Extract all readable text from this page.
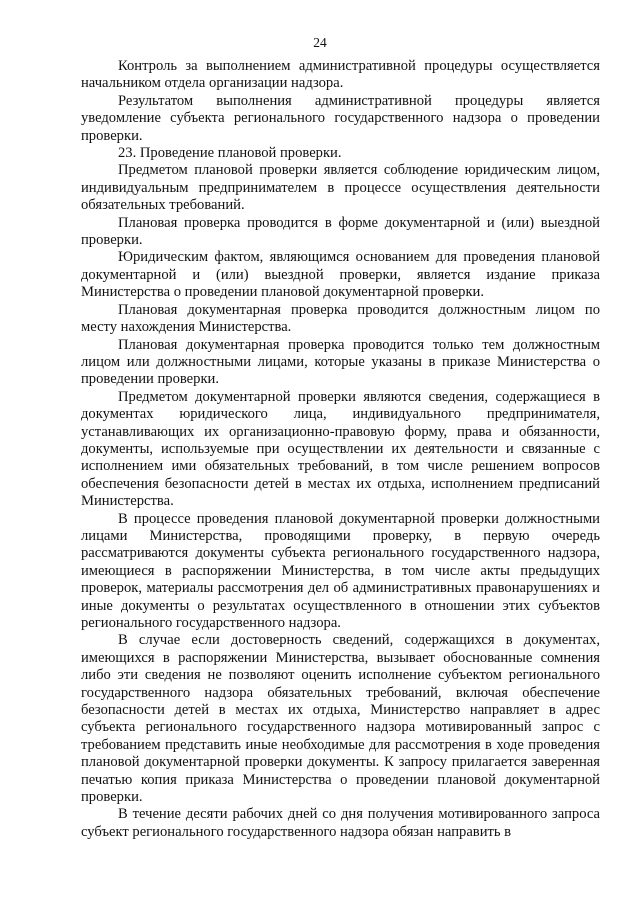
24

Контроль за выполнением административной процедуры осуществляется начальником отдела организации надзора.

Результатом выполнения административной процедуры является уведомление субъекта регионального государственного надзора о проведении проверки.

23. Проведение плановой проверки.

Предметом плановой проверки является соблюдение юридическим лицом, индивидуальным предпринимателем в процессе осуществления деятельности обязательных требований.

Плановая проверка проводится в форме документарной и (или) выездной проверки.

Юридическим фактом, являющимся основанием для проведения плановой документарной и (или) выездной проверки, является издание приказа Министерства о проведении плановой документарной проверки.

Плановая документарная проверка проводится должностным лицом по месту нахождения Министерства.

Плановая документарная проверка проводится только тем должностным лицом или должностными лицами, которые указаны в приказе Министерства о проведении проверки.

Предметом документарной проверки являются сведения, содержащиеся в документах юридического лица, индивидуального предпринимателя, устанавливающих их организационно-правовую форму, права и обязанности, документы, используемые при осуществлении их деятельности и связанные с исполнением ими обязательных требований, в том числе решением вопросов обеспечения безопасности детей в местах их отдыха, исполнением предписаний Министерства.

В процессе проведения плановой документарной проверки должностными лицами Министерства, проводящими проверку, в первую очередь рассматриваются документы субъекта регионального государственного надзора, имеющиеся в распоряжении Министерства, в том числе акты предыдущих проверок, материалы рассмотрения дел об административных правонарушениях и иные документы о результатах осуществленного в отношении этих субъектов регионального государственного надзора.

В случае если достоверность сведений, содержащихся в документах, имеющихся в распоряжении Министерства, вызывает обоснованные сомнения либо эти сведения не позволяют оценить исполнение субъектом регионального государственного надзора обязательных требований, включая обеспечение безопасности детей в местах их отдыха, Министерство направляет в адрес субъекта регионального государственного надзора мотивированный запрос с требованием представить иные необходимые для рассмотрения в ходе проведения плановой документарной проверки документы. К запросу прилагается заверенная печатью копия приказа Министерства о проведении плановой документарной проверки.

В течение десяти рабочих дней со дня получения мотивированного запроса субъект регионального государственного надзора обязан направить в
